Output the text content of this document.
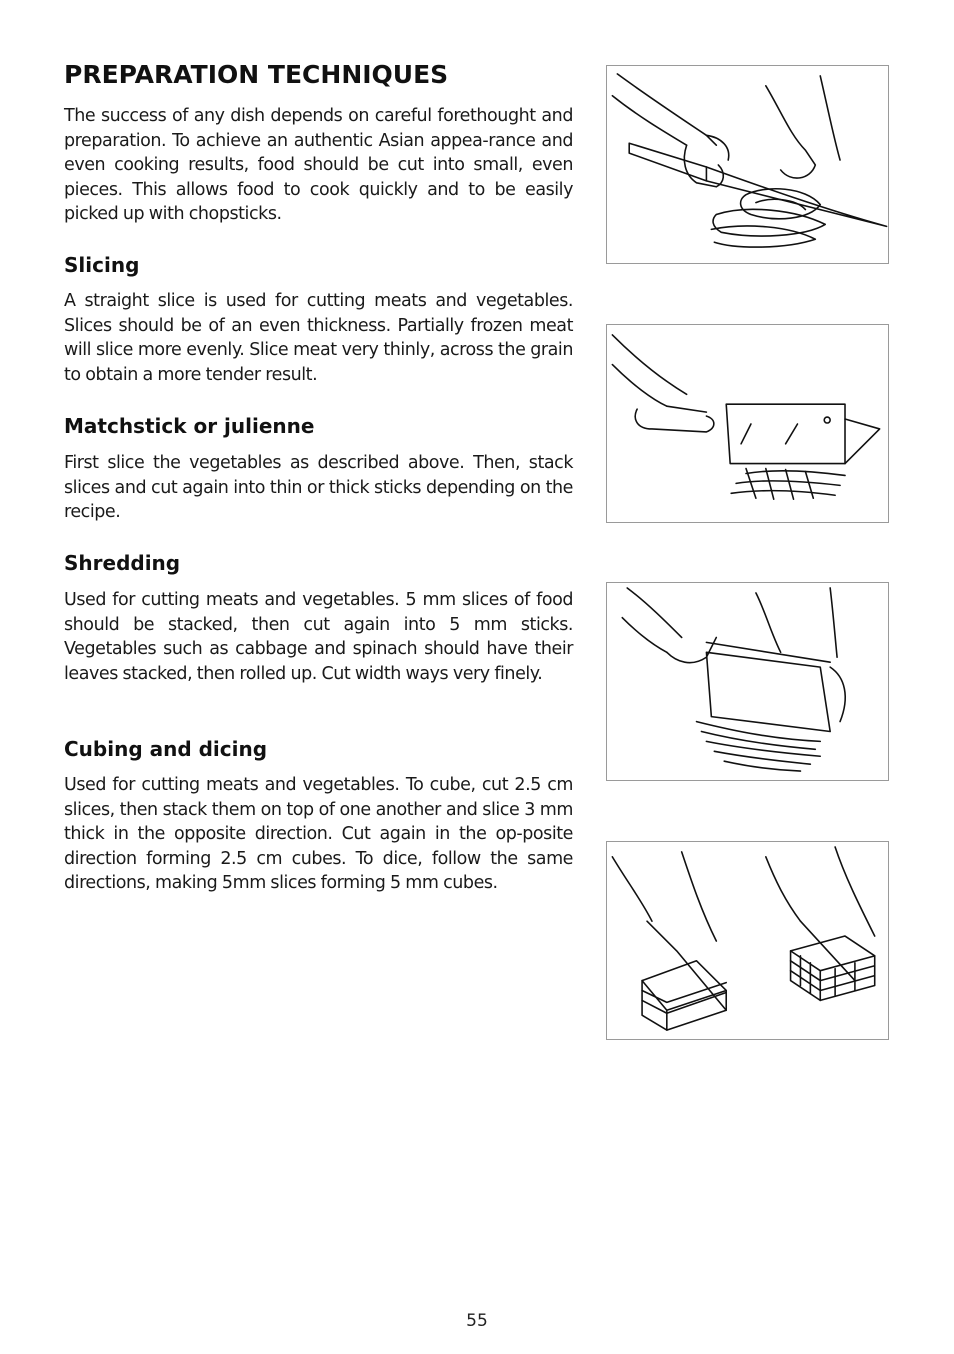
PREPARATION TECHNIQUES

The success of any dish depends on careful forethought and preparation. To achieve an authentic Asian appea-rance and even cooking results, food should be cut into small, even pieces. This allows food to cook quickly and to be easily picked up with chopsticks.

Slicing

A straight slice is used for cutting meats and vegetables. Slices should be of an even thickness. Partially frozen meat will slice more evenly. Slice meat very thinly, across the grain to obtain a more tender result.

Matchstick or julienne

First slice the vegetables as described above. Then, stack slices and cut again into thin or thick sticks depending on the recipe.

Shredding

Used for cutting meats and vegetables. 5 mm slices of food should be stacked, then cut again into 5 mm sticks. Vegetables such as cabbage and spinach should have their leaves stacked, then rolled up. Cut width ways very finely.

Cubing and dicing

Used for cutting meats and vegetables. To cube, cut 2.5 cm slices, then stack them on top of one another and slice 3 mm thick in the opposite direction. Cut again in the op-posite direction forming 2.5 cm cubes. To dice, follow the same directions, making 5mm slices forming 5 mm cubes.

55
